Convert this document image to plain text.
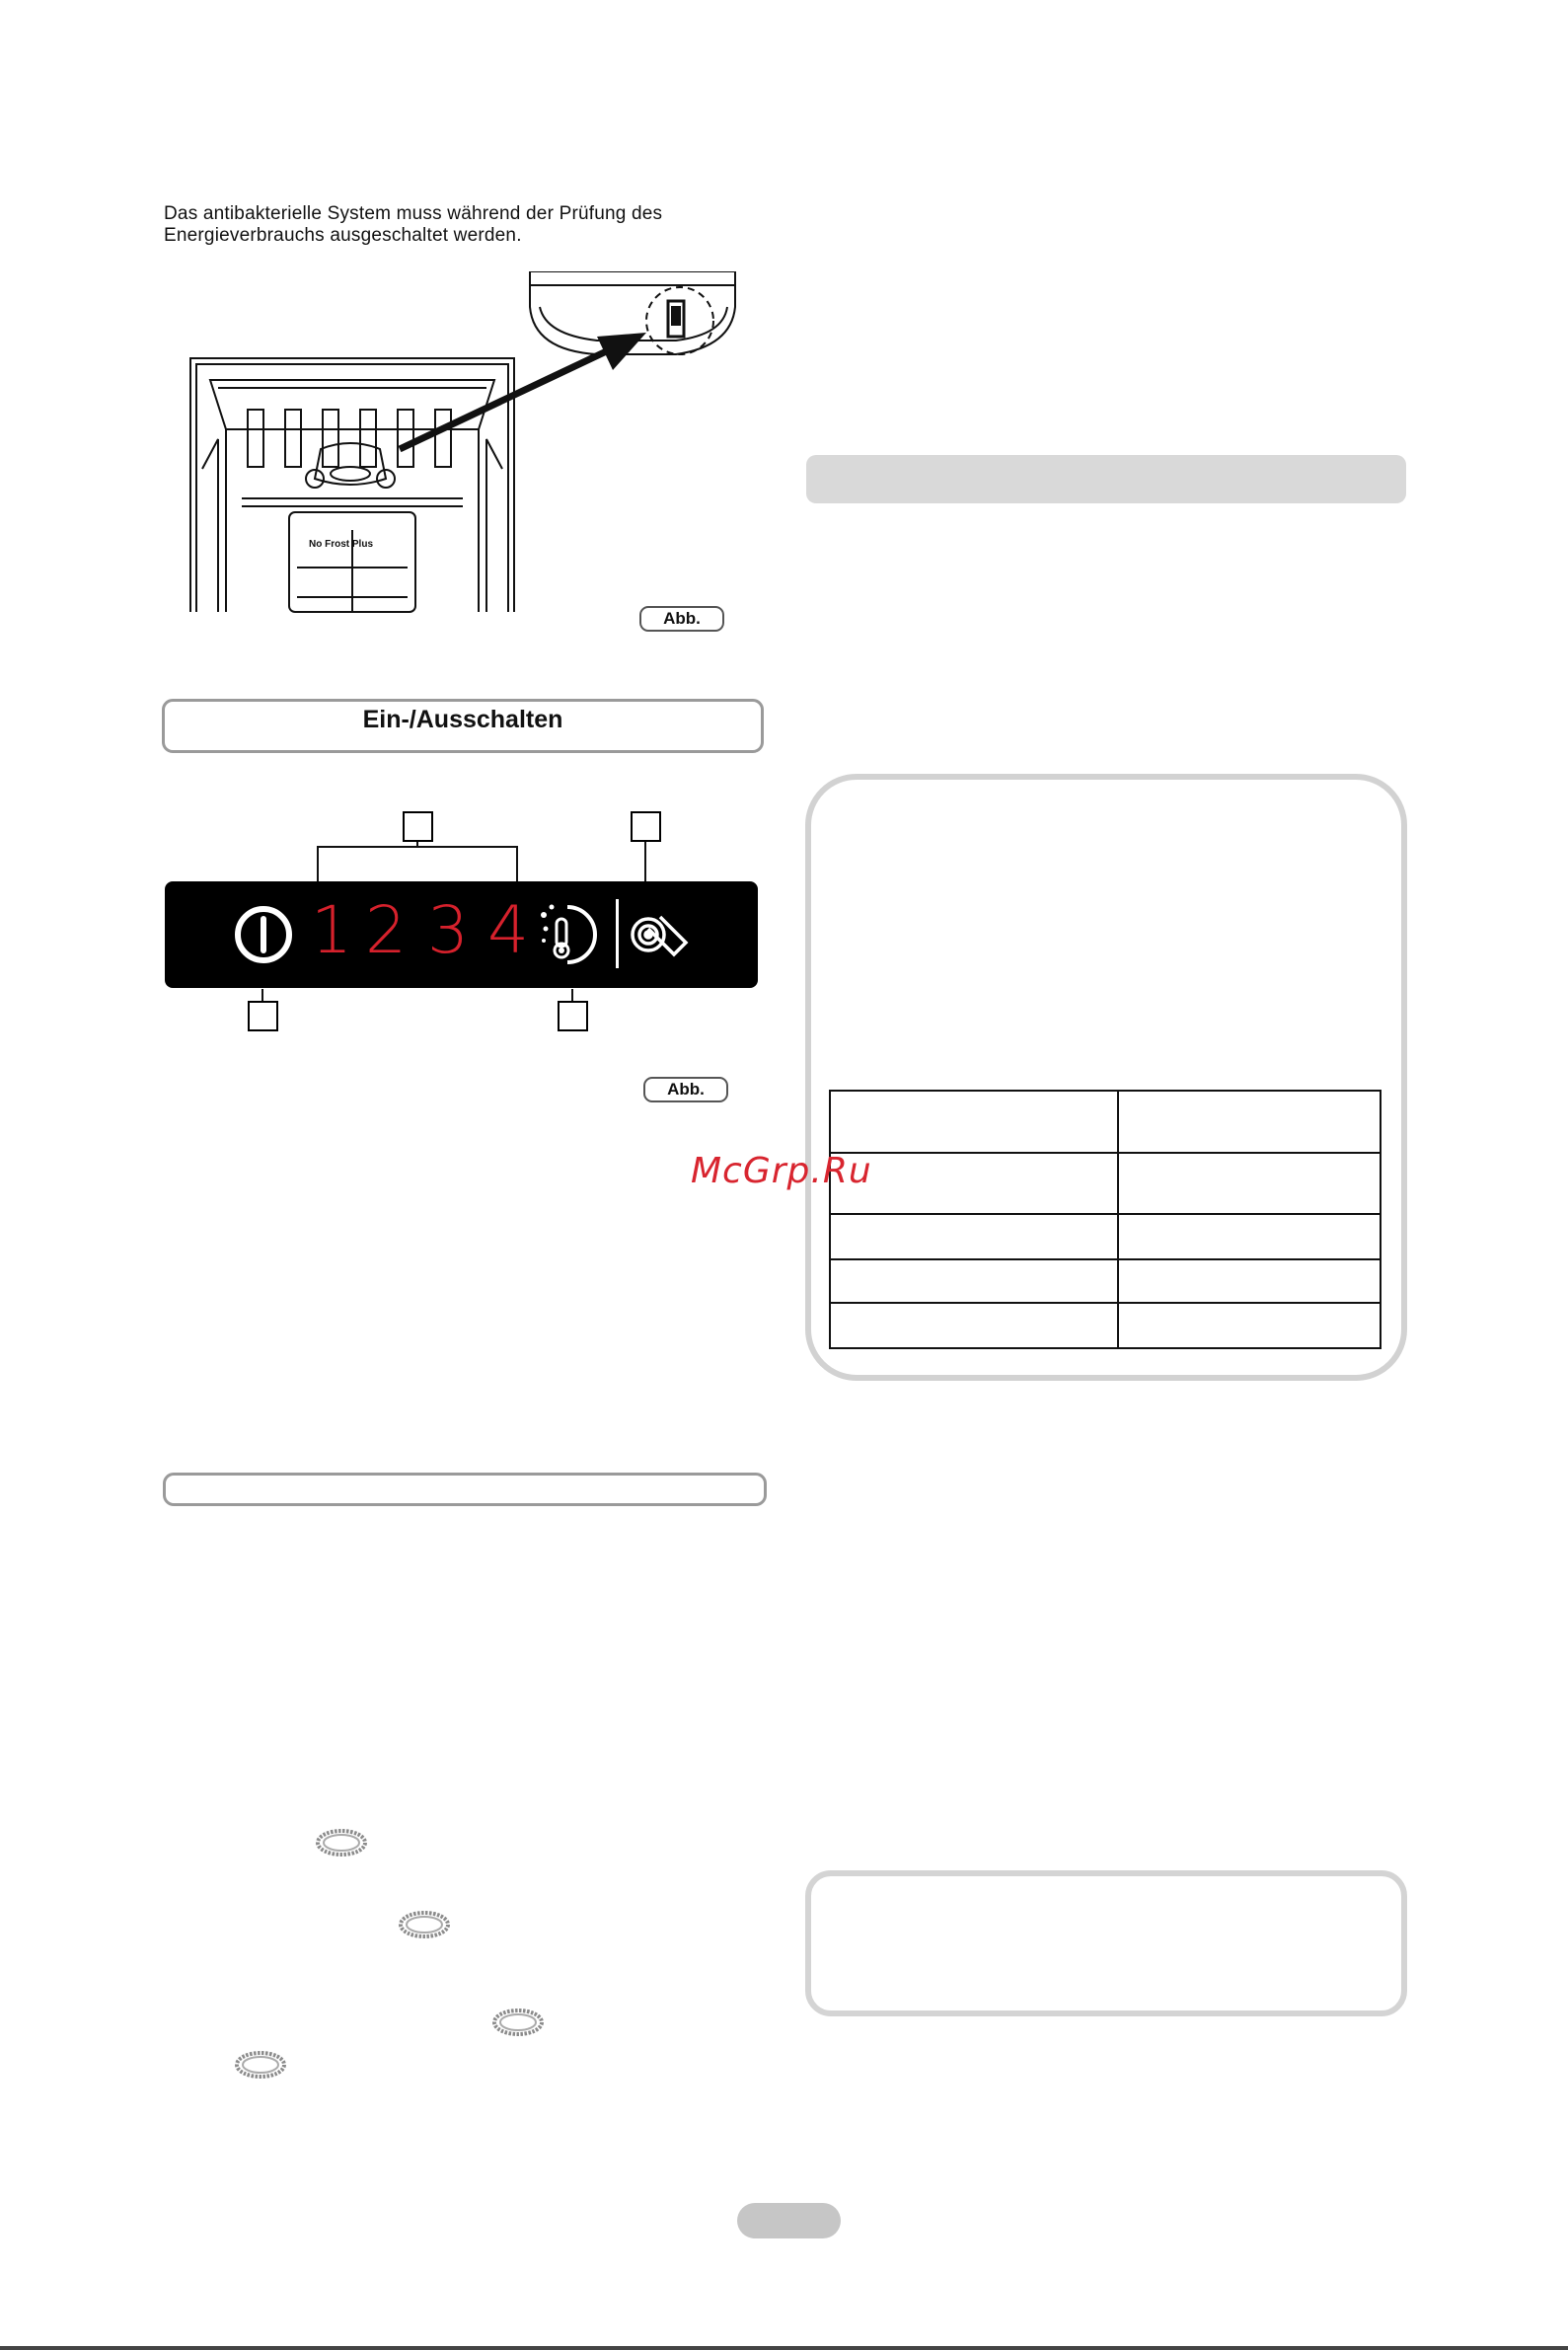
Das antibakterielle System muss während der Prüfung des
Energieverbrauchs ausgeschaltet werden.
No Frost Plus
Abb.
Ein-/Ausschalten
1 2 3 4
Abb.

McGrp.Ru
